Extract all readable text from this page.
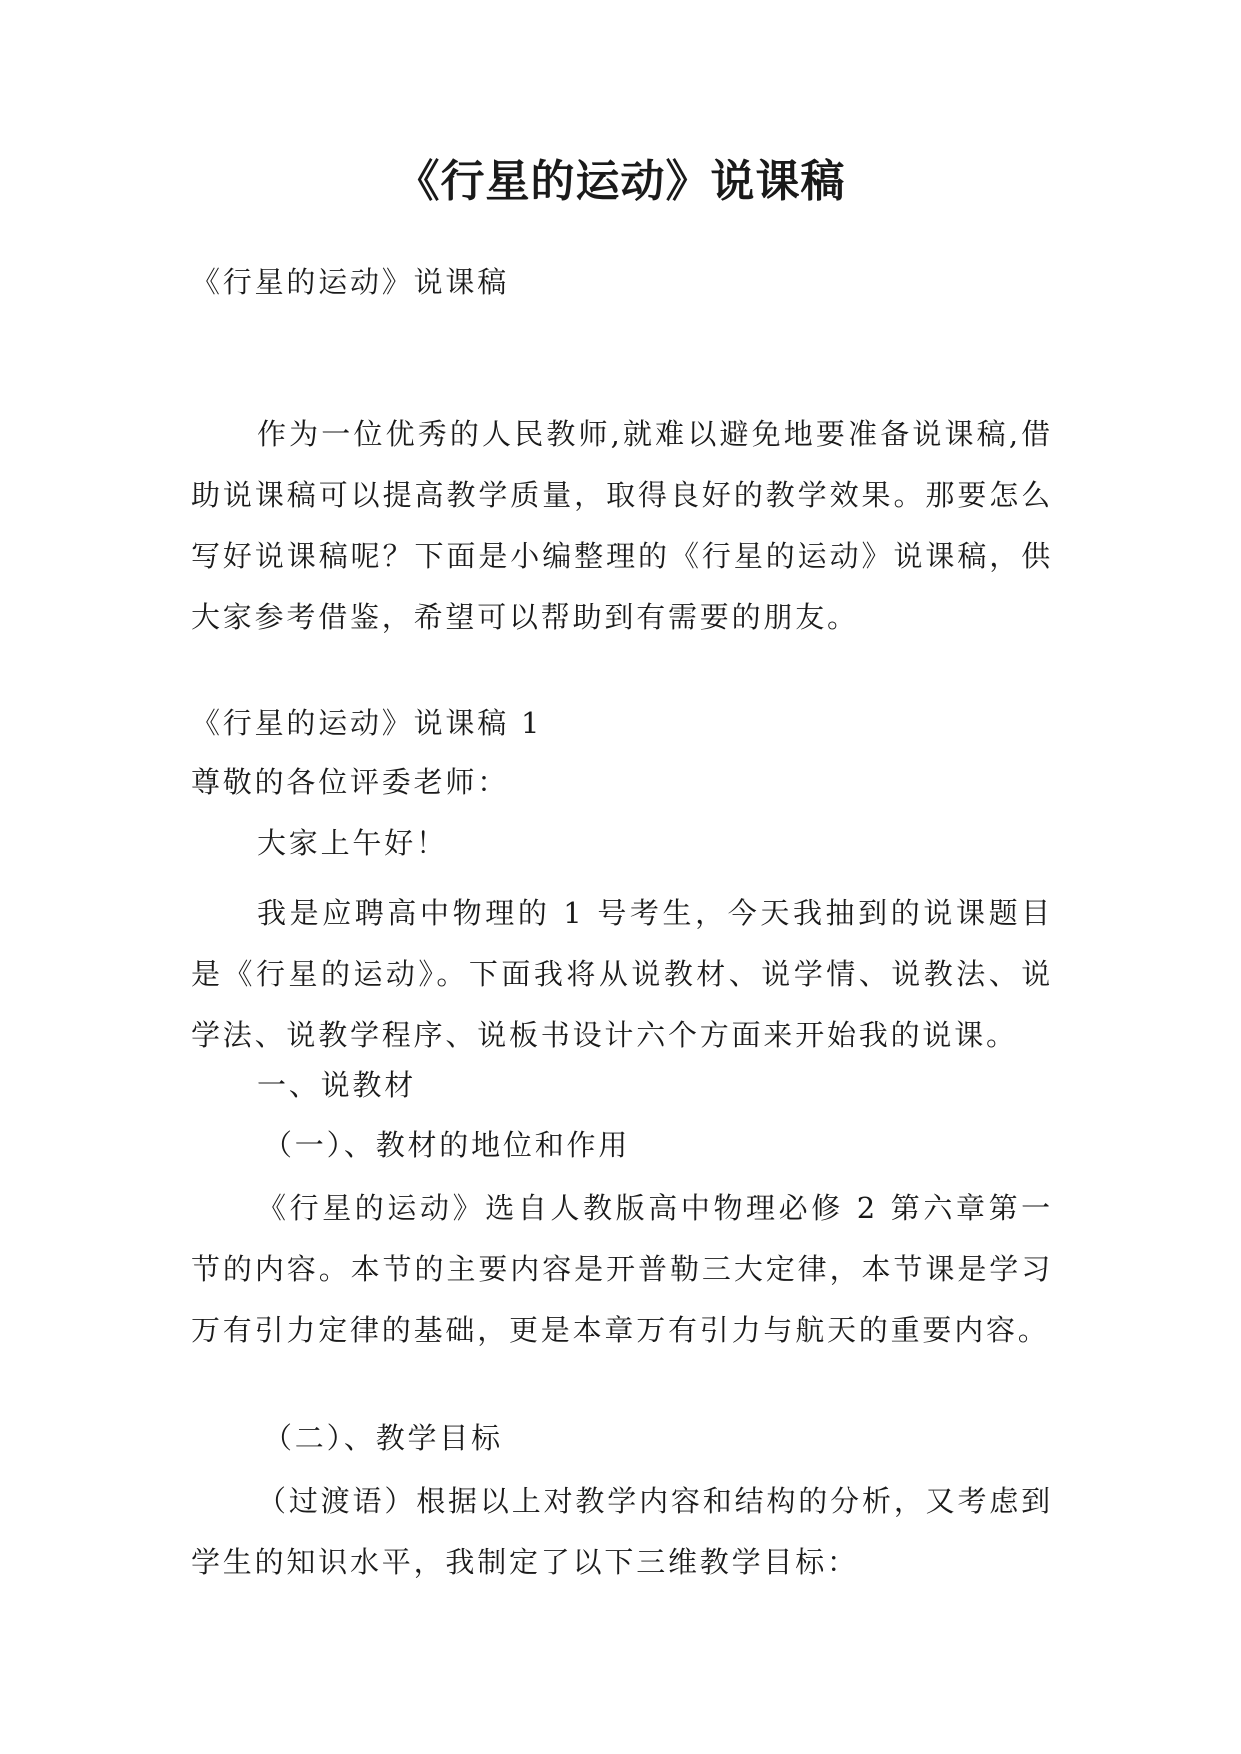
《行星的运动》说课稿
《行星的运动》说课稿
作为一位优秀的人民教师,就难以避免地要准备说课稿,借助说课稿可以提高教学质量，取得良好的教学效果。那要怎么写好说课稿呢？下面是小编整理的《行星的运动》说课稿，供大家参考借鉴，希望可以帮助到有需要的朋友。
《行星的运动》说课稿 1
尊敬的各位评委老师：
大家上午好！
我是应聘高中物理的 1 号考生，今天我抽到的说课题目是《行星的运动》。下面我将从说教材、说学情、说教法、说学法、说教学程序、说板书设计六个方面来开始我的说课。
一、说教材
（一）、教材的地位和作用
《行星的运动》选自人教版高中物理必修 2 第六章第一节的内容。本节的主要内容是开普勒三大定律，本节课是学习万有引力定律的基础，更是本章万有引力与航天的重要内容。
（二）、教学目标
（过渡语）根据以上对教学内容和结构的分析，又考虑到学生的知识水平，我制定了以下三维教学目标：
